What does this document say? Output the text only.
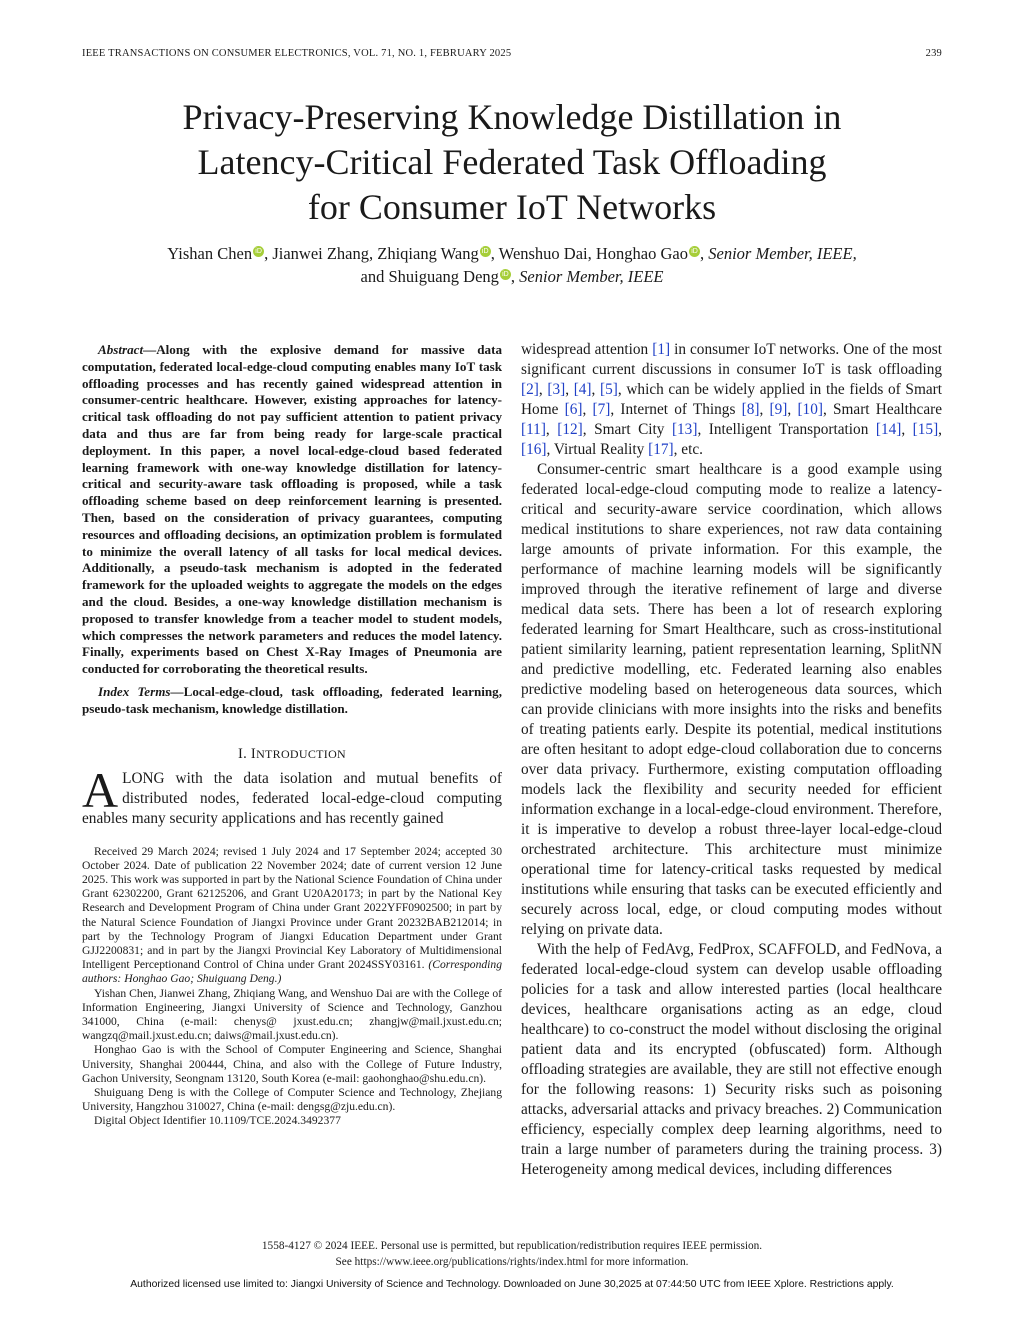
IEEE TRANSACTIONS ON CONSUMER ELECTRONICS, VOL. 71, NO. 1, FEBRUARY 2025	239
Privacy-Preserving Knowledge Distillation in
Latency-Critical Federated Task Offloading
for Consumer IoT Networks
Yishan Chen iD , Jianwei Zhang, Zhiqiang Wang iD , Wenshuo Dai, Honghao Gao iD , Senior Member, IEEE,
and Shuiguang Deng iD , Senior Member, IEEE

Abstract—Along with the explosive demand for massive data computation, federated local-edge-cloud computing enables many IoT task offloading processes and has recently gained widespread attention in consumer-centric healthcare. However, existing approaches for latency-critical task offloading do not pay sufficient attention to patient privacy data and thus are far from being ready for large-scale practical deployment. In this paper, a novel local-edge-cloud based federated learning framework with one-way knowledge distillation for latency-critical and security-aware task offloading is proposed, while a task offloading scheme based on deep reinforcement learning is presented. Then, based on the consideration of privacy guarantees, computing resources and offloading decisions, an optimization problem is formulated to minimize the overall latency of all tasks for local medical devices. Additionally, a pseudo-task mechanism is adopted in the federated framework for the uploaded weights to aggregate the models on the edges and the cloud. Besides, a one-way knowledge distillation mechanism is proposed to transfer knowledge from a teacher model to student models, which compresses the network parameters and reduces the model latency. Finally, experiments based on Chest X-Ray Images of Pneumonia are conducted for corroborating the theoretical results.

Index Terms—Local-edge-cloud, task offloading, federated learning, pseudo-task mechanism, knowledge distillation.

I. INTRODUCTION

ALONG with the data isolation and mutual benefits of distributed nodes, federated local-edge-cloud computing enables many security applications and has recently gained

Received 29 March 2024; revised 1 July 2024 and 17 September 2024; accepted 30 October 2024. Date of publication 22 November 2024; date of current version 12 June 2025. This work was supported in part by the National Science Foundation of China under Grant 62302200, Grant 62125206, and Grant U20A20173; in part by the National Key Research and Development Program of China under Grant 2022YFF0902500; in part by the Natural Science Foundation of Jiangxi Province under Grant 20232BAB212014; in part by the Technology Program of Jiangxi Education Department under Grant GJJ2200831; and in part by the Jiangxi Provincial Key Laboratory of Multidimensional Intelligent Perceptionand Control of China under Grant 2024SSY03161. (Corresponding authors: Honghao Gao; Shuiguang Deng.)

Yishan Chen, Jianwei Zhang, Zhiqiang Wang, and Wenshuo Dai are with the College of Information Engineering, Jiangxi University of Science and Technology, Ganzhou 341000, China (e-mail: chenys@ jxust.edu.cn; zhangjw@mail.jxust.edu.cn; wangzq@mail.jxust.edu.cn; daiws@mail.jxust.edu.cn).

Honghao Gao is with the School of Computer Engineering and Science, Shanghai University, Shanghai 200444, China, and also with the College of Future Industry, Gachon University, Seongnam 13120, South Korea (e-mail: gaohonghao@shu.edu.cn).

Shuiguang Deng is with the College of Computer Science and Technology, Zhejiang University, Hangzhou 310027, China (e-mail: dengsg@zju.edu.cn).

Digital Object Identifier 10.1109/TCE.2024.3492377

widespread attention [1] in consumer IoT networks. One of the most significant current discussions in consumer IoT is task offloading [2], [3], [4], [5], which can be widely applied in the fields of Smart Home [6], [7], Internet of Things [8], [9], [10], Smart Healthcare [11], [12], Smart City [13], Intelligent Transportation [14], [15], [16], Virtual Reality [17], etc.

Consumer-centric smart healthcare is a good example using federated local-edge-cloud computing mode to realize a latency-critical and security-aware service coordination, which allows medical institutions to share experiences, not raw data containing large amounts of private information. For this example, the performance of machine learning models will be significantly improved through the iterative refinement of large and diverse medical data sets. There has been a lot of research exploring federated learning for Smart Healthcare, such as cross-institutional patient similarity learning, patient representation learning, SplitNN and predictive modelling, etc. Federated learning also enables predictive modeling based on heterogeneous data sources, which can provide clinicians with more insights into the risks and benefits of treating patients early. Despite its potential, medical institutions are often hesitant to adopt edge-cloud collaboration due to concerns over data privacy. Furthermore, existing computation offloading models lack the flexibility and security needed for efficient information exchange in a local-edge-cloud environment. Therefore, it is imperative to develop a robust three-layer local-edge-cloud orchestrated architecture. This architecture must minimize operational time for latency-critical tasks requested by medical institutions while ensuring that tasks can be executed efficiently and securely across local, edge, or cloud computing modes without relying on private data.

With the help of FedAvg, FedProx, SCAFFOLD, and FedNova, a federated local-edge-cloud system can develop usable offloading policies for a task and allow interested parties (local healthcare devices, healthcare organisations acting as an edge, cloud healthcare) to co-construct the model without disclosing the original patient data and its encrypted (obfuscated) form. Although offloading strategies are available, they are still not effective enough for the following reasons: 1) Security risks such as poisoning attacks, adversarial attacks and privacy breaches. 2) Communication efficiency, especially complex deep learning algorithms, need to train a large number of parameters during the training process. 3) Heterogeneity among medical devices, including differences

1558-4127 © 2024 IEEE. Personal use is permitted, but republication/redistribution requires IEEE permission.
See https://www.ieee.org/publications/rights/index.html for more information.
Authorized licensed use limited to: Jiangxi University of Science and Technology. Downloaded on June 30,2025 at 07:44:50 UTC from IEEE Xplore. Restrictions apply.
